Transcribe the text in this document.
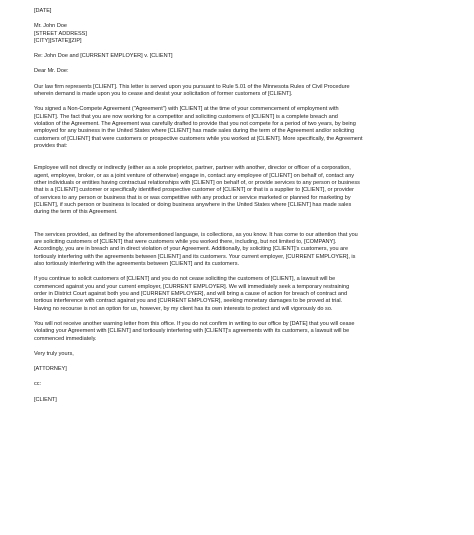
[DATE]
Mr. John Doe
[STREET ADDRESS]
[CITY][STATE][ZIP]
Re: John Doe and [CURRENT EMPLOYER] v. [CLIENT]
Dear Mr. Doe:
Our law firm represents [CLIENT]. This letter is served upon you pursuant to Rule 5.01 of the Minnesota Rules of Civil Procedure
wherein demand is made upon you to cease and desist your solicitation of former customers of [CLIENT].
You signed a Non-Compete Agreement ("Agreement") with [CLIENT] at the time of your commencement of employment with
[CLIENT]. The fact that you are now working for a competitor and soliciting customers of [CLIENT] is a complete breach and
violation of the Agreement. The Agreement was carefully drafted to provide that you not compete for a period of two years, by being
employed for any business in the United States where [CLIENT] has made sales during the term of the Agreement and/or soliciting
customers of [CLIENT] that were customers or prospective customers while you worked at [CLIENT]. More specifically, the Agreement
provides that:
Employee will not directly or indirectly (either as a sole proprietor, partner, partner with another, director or officer of a corporation,
agent, employee, broker, or as a joint venture of otherwise) engage in, contact any employee of [CLIENT] on behalf of, contact any
other individuals or entities having contractual relationships with [CLIENT] on behalf of, or provide services to any person or business
that is a [CLIENT] customer or specifically identified prospective customer of [CLIENT] or that is a supplier to [CLIENT], or provider
of services to any person or business that is or was competitive with any product or service marketed or planned for marketing by
[CLIENT], if such person or business is located or doing business anywhere in the United States where [CLIENT] has made sales
during the term of this Agreement.
The services provided, as defined by the aforementioned language, is collections, as you know. It has come to our attention that you
are soliciting customers of [CLIENT] that were customers while you worked there, including, but not limited to, [COMPANY].
Accordingly, you are in breach and in direct violation of your Agreement. Additionally, by soliciting [CLIENT]'s customers, you are
tortiously interfering with the agreements between [CLIENT] and its customers. Your current employer, [CURRENT EMPLOYER], is
also tortiously interfering with the agreements between [CLIENT] and its customers.
If you continue to solicit customers of [CLIENT] and you do not cease soliciting the customers of [CLIENT], a lawsuit will be
commenced against you and your current employer, [CURRENT EMPLOYER]. We will immediately seek a temporary restraining
order in District Court against both you and [CURRENT EMPLOYER], and will bring a cause of action for breach of contract and
tortious interference with contract against you and [CURRENT EMPLOYER], seeking monetary damages to be proved at trial.
Having no recourse is not an option for us, however, by my client has its own interests to protect and will vigorously do so.
You will not receive another warning letter from this office. If you do not confirm in writing to our office by [DATE] that you will cease
violating your Agreement with [CLIENT] and tortiously interfering with [CLIENT]'s agreements with its customers, a lawsuit will be
commenced immediately.
Very truly yours,
[ATTORNEY]
cc:
[CLIENT]
